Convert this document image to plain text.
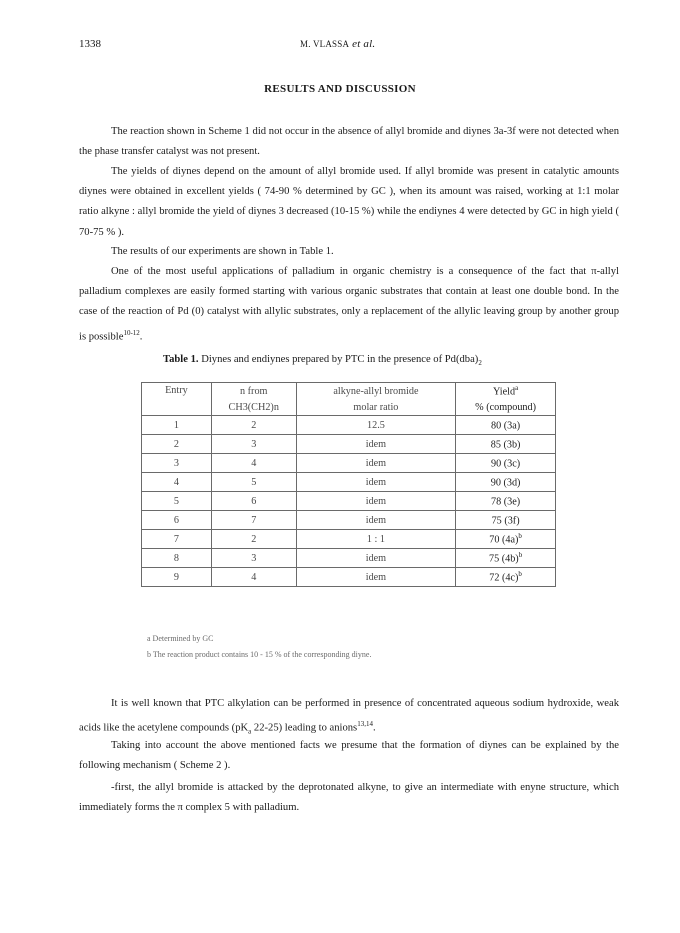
1338	M. VLASSA et al.
RESULTS AND DISCUSSION

The reaction shown in Scheme 1 did not occur in the absence of allyl bromide and diynes 3a-3f were not detected when the phase transfer catalyst was not present.

The yields of diynes depend on the amount of allyl bromide used. If allyl bromide was present in catalytic amounts diynes were obtained in excellent yields ( 74-90 % determined by GC ), when its amount was raised, working at 1:1 molar ratio alkyne : allyl bromide the yield of diynes 3 decreased (10-15 %) while the endiynes 4 were detected by GC in high yield ( 70-75 % ).

The results of our experiments are shown in Table 1.

One of the most useful applications of palladium in organic chemistry is a consequence of the fact that π-allyl palladium complexes are easily formed starting with various organic substrates that contain at least one double bond. In the case of the reaction of Pd (0) catalyst with allylic substrates, only a replacement of the allylic leaving group by another group is possible$^{10-12}$.

Table 1. Diynes and endiynes prepared by PTC in the presence of $Pd(dba)_2$
Entry	n from	alkyne-allyl bromide	Yield$^a$
	CH3(CH2)n	molar ratio	% (compound)
1	2	12.5	80 (3a)
2	3	idem	85 (3b)
3	4	idem	90 (3c)
4	5	idem	90 (3d)
5	6	idem	78 (3e)
6	7	idem	75 (3f)
7	2	1 : 1	70 $(4a)^b$
8	3	idem	75 $(4b)^b$
9	4	idem	72 $(4c)^b$
a Determined by GC
b The reaction product contains 10 - 15 % of the corresponding diyne.

It is well known that PTC alkylation can be performed in presence of concentrated aqueous sodium hydroxide, weak acids like the acetylene compounds ($pK_a$ 22-25) leading to anions$^{13,14}$.

Taking into account the above mentioned facts we presume that the formation of diynes can be explained by the following mechanism ( Scheme 2 ).

-first, the allyl bromide is attacked by the deprotonated alkyne, to give an intermediate with enyne structure, which immediately forms the π complex 5 with palladium.
